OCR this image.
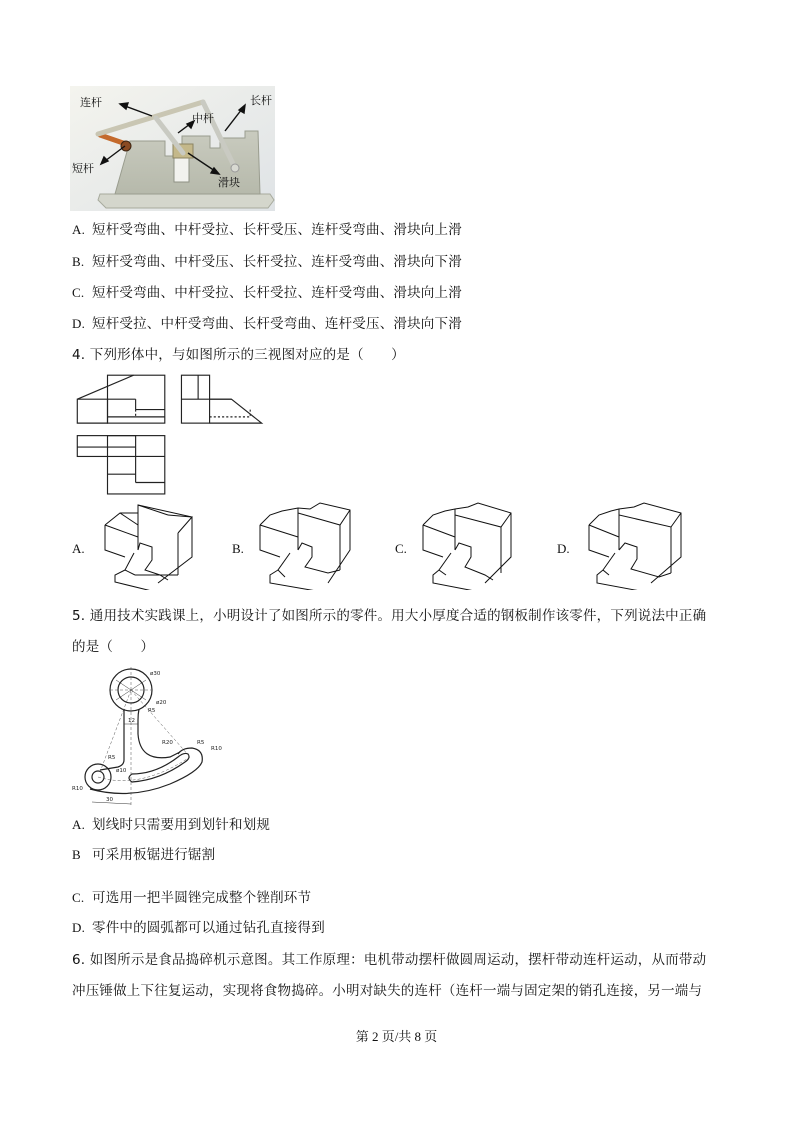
连杆
中杆
长杆
短杆
滑块
A. 短杆受弯曲、中杆受拉、长杆受压、连杆受弯曲、滑块向上滑
B. 短杆受弯曲、中杆受压、长杆受拉、连杆受弯曲、滑块向下滑
C. 短杆受弯曲、中杆受拉、长杆受拉、连杆受弯曲、滑块向上滑
D. 短杆受拉、中杆受弯曲、长杆受弯曲、连杆受压、滑块向下滑
4. 下列形体中，与如图所示的三视图对应的是（　　）
A.	B.	C.	D.
5. 通用技术实践课上，小明设计了如图所示的零件。用大小厚度合适的钢板制作该零件，下列说法中正确
的是（　　）
ø30
ø20
R5
12
R20	R5
R10
R5
ø10
R10
30
A. 划线时只需要用到划针和划规
B 可采用板锯进行锯割
C. 可选用一把半圆锉完成整个锉削环节
D. 零件中的圆弧都可以通过钻孔直接得到
6. 如图所示是食品捣碎机示意图。其工作原理：电机带动摆杆做圆周运动，摆杆带动连杆运动，从而带动
冲压锤做上下往复运动，实现将食物捣碎。小明对缺失的连杆（连杆一端与固定架的销孔连接，另一端与
第 2 页/共 8 页
